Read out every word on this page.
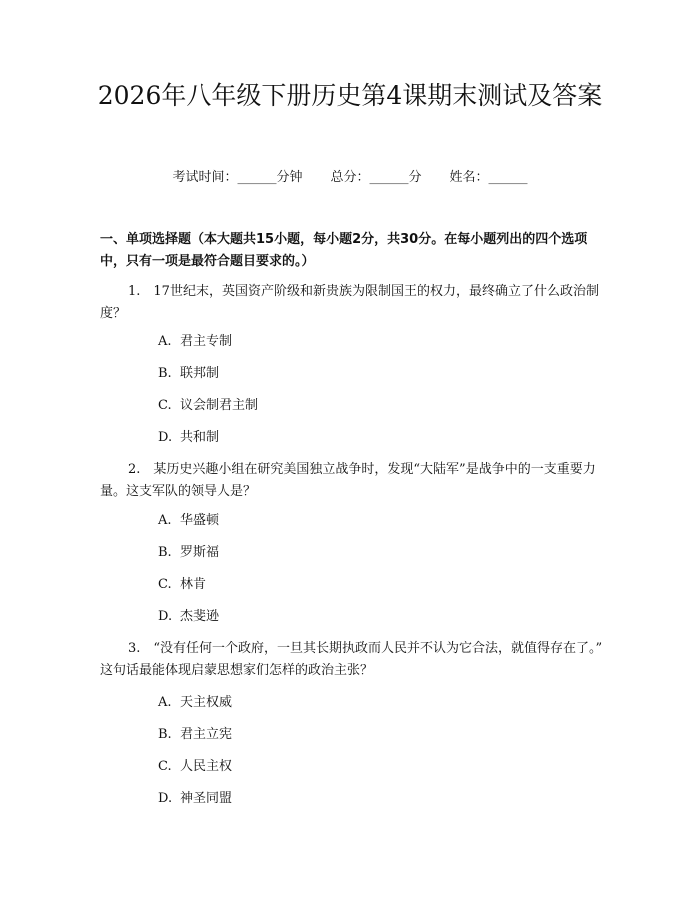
2026年八年级下册历史第4课期末测试及答案
考试时间：______分钟 总分：______分 姓名：______

一、单项选择题（本大题共15小题，每小题2分，共30分。在每小题列出的四个选项中，只有一项是最符合题目要求的。）

1.　17世纪末，英国资产阶级和新贵族为限制国王的权力，最终确立了什么政治制度？

A. 君主专制
B. 联邦制
C. 议会制君主制
D. 共和制

2.　某历史兴趣小组在研究美国独立战争时，发现“大陆军”是战争中的一支重要力量。这支军队的领导人是？

A. 华盛顿
B. 罗斯福
C. 林肯
D. 杰斐逊

3.　“没有任何一个政府，一旦其长期执政而人民并不认为它合法，就值得存在了。”　这句话最能体现启蒙思想家们怎样的政治主张？

A. 天主权威
B. 君主立宪
C. 人民主权
D. 神圣同盟
